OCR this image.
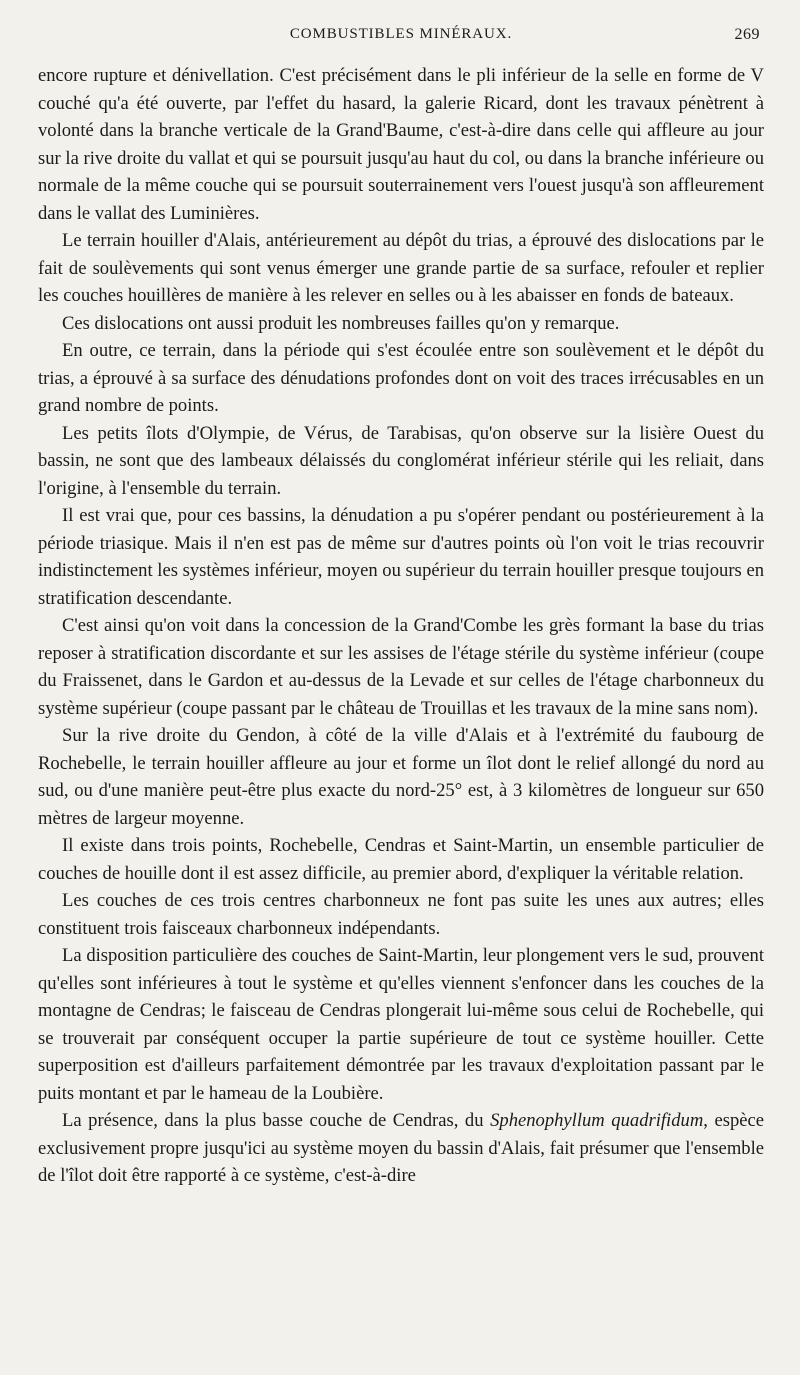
COMBUSTIBLES MINÉRAUX.	269

encore rupture et dénivellation. C'est précisément dans le pli inférieur de la selle en forme de V couché qu'a été ouverte, par l'effet du hasard, la galerie Ricard, dont les travaux pénètrent à volonté dans la branche verticale de la Grand'Baume, c'est-à-dire dans celle qui affleure au jour sur la rive droite du vallat et qui se poursuit jusqu'au haut du col, ou dans la branche inférieure ou normale de la même couche qui se poursuit souterrainement vers l'ouest jusqu'à son affleurement dans le vallat des Luminières.

Le terrain houiller d'Alais, antérieurement au dépôt du trias, a éprouvé des dislocations par le fait de soulèvements qui sont venus émerger une grande partie de sa surface, refouler et replier les couches houillères de manière à les relever en selles ou à les abaisser en fonds de bateaux.

Ces dislocations ont aussi produit les nombreuses failles qu'on y remarque.

En outre, ce terrain, dans la période qui s'est écoulée entre son soulèvement et le dépôt du trias, a éprouvé à sa surface des dénudations profondes dont on voit des traces irrécusables en un grand nombre de points.

Les petits îlots d'Olympie, de Vérus, de Tarabisas, qu'on observe sur la lisière Ouest du bassin, ne sont que des lambeaux délaissés du conglomérat inférieur stérile qui les reliait, dans l'origine, à l'ensemble du terrain.

Il est vrai que, pour ces bassins, la dénudation a pu s'opérer pendant ou postérieurement à la période triasique. Mais il n'en est pas de même sur d'autres points où l'on voit le trias recouvrir indistinctement les systèmes inférieur, moyen ou supérieur du terrain houiller presque toujours en stratification descendante.

C'est ainsi qu'on voit dans la concession de la Grand'Combe les grès formant la base du trias reposer à stratification discordante et sur les assises de l'étage stérile du système inférieur (coupe du Fraissenet, dans le Gardon et au-dessus de la Levade et sur celles de l'étage charbonneux du système supérieur (coupe passant par le château de Trouillas et les travaux de la mine sans nom).

Sur la rive droite du Gendon, à côté de la ville d'Alais et à l'extrémité du faubourg de Rochebelle, le terrain houiller affleure au jour et forme un îlot dont le relief allongé du nord au sud, ou d'une manière peut-être plus exacte du nord-25° est, à 3 kilomètres de longueur sur 650 mètres de largeur moyenne.

Il existe dans trois points, Rochebelle, Cendras et Saint-Martin, un ensemble particulier de couches de houille dont il est assez difficile, au premier abord, d'expliquer la véritable relation.

Les couches de ces trois centres charbonneux ne font pas suite les unes aux autres; elles constituent trois faisceaux charbonneux indépendants.

La disposition particulière des couches de Saint-Martin, leur plongement vers le sud, prouvent qu'elles sont inférieures à tout le système et qu'elles viennent s'enfoncer dans les couches de la montagne de Cendras; le faisceau de Cendras plongerait lui-même sous celui de Rochebelle, qui se trouverait par conséquent occuper la partie supérieure de tout ce système houiller. Cette superposition est d'ailleurs parfaitement démontrée par les travaux d'exploitation passant par le puits montant et par le hameau de la Loubière.

La présence, dans la plus basse couche de Cendras, du Sphenophyllum quadrifidum, espèce exclusivement propre jusqu'ici au système moyen du bassin d'Alais, fait présumer que l'ensemble de l'îlot doit être rapporté à ce système, c'est-à-dire
